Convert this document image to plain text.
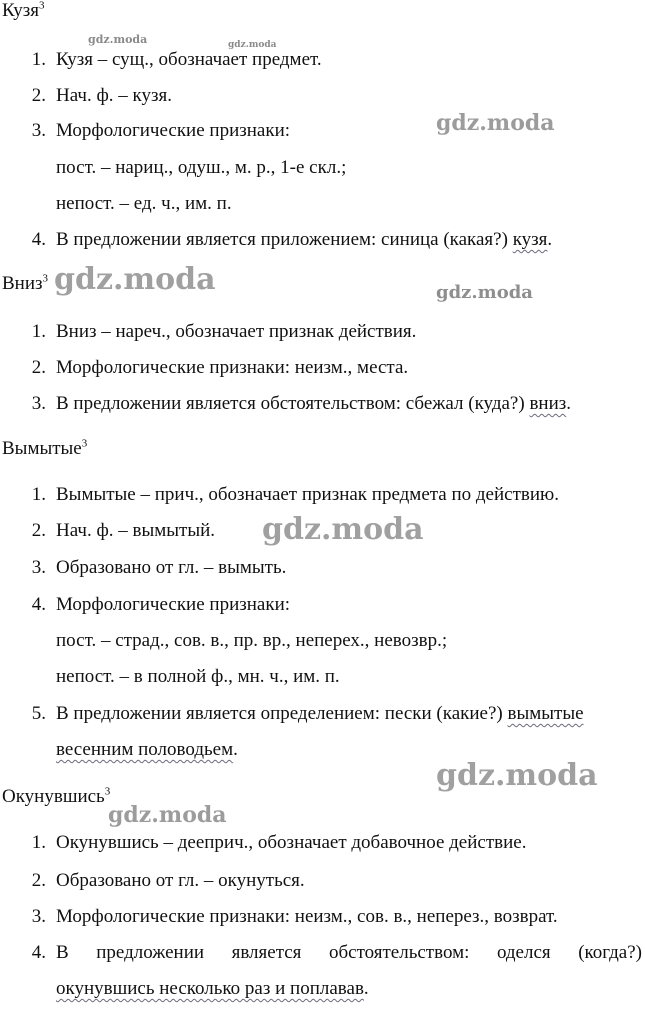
Кузя$^3$
1. Кузя – сущ., обозначает предмет.
2. Нач. ф. – кузя.
3. Морфологические признаки:
пост. – нариц., одуш., м. р., 1-е скл.;
непост. – ед. ч., им. п.
4. В предложении является приложением: синица (какая?) кузя.
Вниз$^3$
1. Вниз – нареч., обозначает признак действия.
2. Морфологические признаки: неизм., места.
3. В предложении является обстоятельством: сбежал (куда?) вниз.
Вымытые$^3$
1. Вымытые – прич., обозначает признак предмета по действию.
2. Нач. ф. – вымытый.
3. Образовано от гл. – вымыть.
4. Морфологические признаки:
пост. – страд., сов. в., пр. вр., неперех., невозвр.;
непост. – в полной ф., мн. ч., им. п.
5. В предложении является определением: пески (какие?) вымытые
весенним половодьем.
Окунувшись$^3$
1. Окунувшись – дееприч., обозначает добавочное действие.
2. Образовано от гл. – окунуться.
3. Морфологические признаки: неизм., сов. в., неперез., возврат.
4. В предложении является обстоятельством: оделся (когда?)
окунувшись несколько раз и поплавав.
gdz.moda	gdz.moda
gdz.moda
gdz.moda	gdz.moda
gdz.moda
gdz.moda
gdz.moda
